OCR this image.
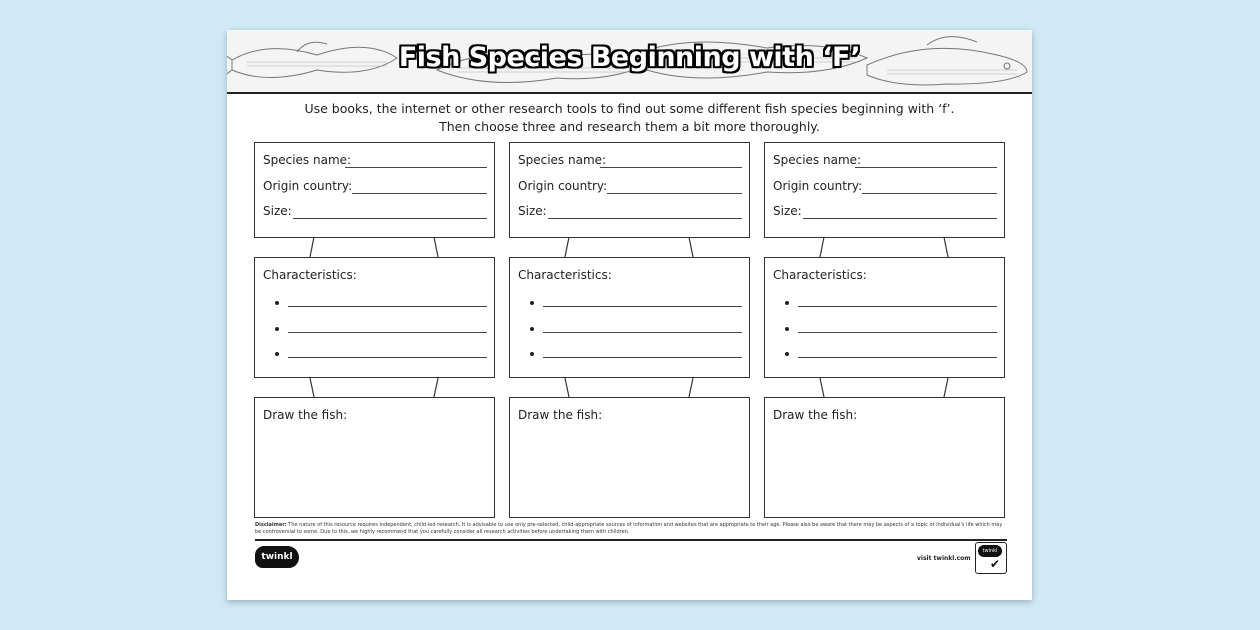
Fish Species Beginning with ‘F’
Use books, the internet or other research tools to find out some different fish species beginning with ‘f’.
Then choose three and research them a bit more thoroughly.
Species name:
Origin country:
Size:
Characteristics:
Draw the fish:
Species name:
Origin country:
Size:
Characteristics:
Draw the fish:
Species name:
Origin country:
Size:
Characteristics:
Draw the fish:
Disclaimer: The nature of this resource requires independent, child-led research. It is advisable to use only pre-selected, child-appropriate sources of information and websites that are appropriate to their age. Please also be aware that there may be aspects of a topic or individual's life which may be controversial to some. Due to this, we highly recommend that you carefully consider all research activities before undertaking them with children.
twinkl	visit twinkl.com
twinkl
✔
